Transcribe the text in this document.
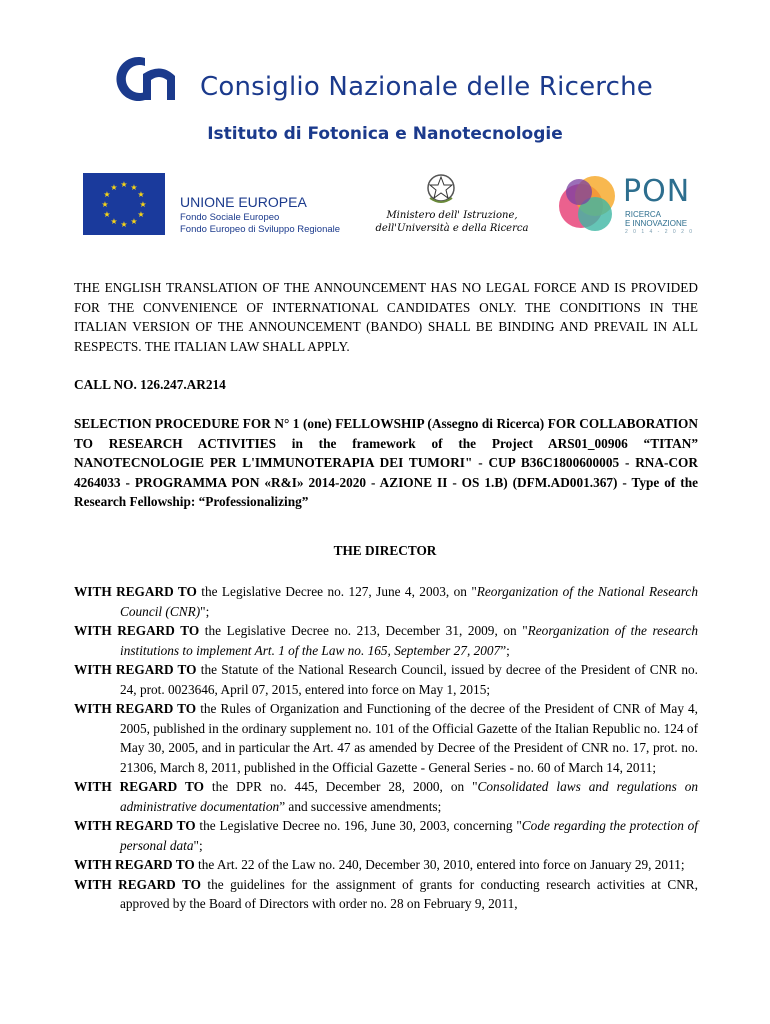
Consiglio Nazionale delle Ricerche
Istituto di Fotonica e Nanotecnologie
★ ★
★
★
★
★
★
★
★
★
★
★
UNIONE EUROPEA
Fondo Sociale Europeo
Fondo Europeo di Sviluppo Regionale
Ministero dell' Istruzione,
dell'Università e della Ricerca
PON
RICERCA
E INNOVAZIONE
2 0 1 4 - 2 0 2 0

THE ENGLISH TRANSLATION OF THE ANNOUNCEMENT HAS NO LEGAL FORCE AND IS PROVIDED FOR THE CONVENIENCE OF INTERNATIONAL CANDIDATES ONLY. THE CONDITIONS IN THE ITALIAN VERSION OF THE ANNOUNCEMENT (BANDO) SHALL BE BINDING AND PREVAIL IN ALL RESPECTS. THE ITALIAN LAW SHALL APPLY.

CALL NO. 126.247.AR214

SELECTION PROCEDURE FOR N° 1 (one) FELLOWSHIP (Assegno di Ricerca) FOR COLLABORATION TO RESEARCH ACTIVITIES in the framework of the Project ARS01_00906 “TITAN” NANOTECNOLOGIE PER L'IMMUNOTERAPIA DEI TUMORI" - CUP B36C1800600005 - RNA-COR 4264033 - PROGRAMMA PON «R&I» 2014-2020 - AZIONE II - OS 1.B) (DFM.AD001.367) - Type of the Research Fellowship: “Professionalizing”

THE DIRECTOR

WITH REGARD TO the Legislative Decree no. 127, June 4, 2003, on "Reorganization of the National Research Council (CNR)";

WITH REGARD TO the Legislative Decree no. 213, December 31, 2009, on "Reorganization of the research institutions to implement Art. 1 of the Law no. 165, September 27, 2007”;

WITH REGARD TO the Statute of the National Research Council, issued by decree of the President of CNR no. 24, prot. 0023646, April 07, 2015, entered into force on May 1, 2015;

WITH REGARD TO the Rules of Organization and Functioning of the decree of the President of CNR of May 4, 2005, published in the ordinary supplement no. 101 of the Official Gazette of the Italian Republic no. 124 of May 30, 2005, and in particular the Art. 47 as amended by Decree of the President of CNR no. 17, prot. no. 21306, March 8, 2011, published in the Official Gazette - General Series - no. 60 of March 14, 2011;

WITH REGARD TO the DPR no. 445, December 28, 2000, on "Consolidated laws and regulations on administrative documentation” and successive amendments;

WITH REGARD TO the Legislative Decree no. 196, June 30, 2003, concerning "Code regarding the protection of personal data";

WITH REGARD TO the Art. 22 of the Law no. 240, December 30, 2010, entered into force on January 29, 2011;

WITH REGARD TO the guidelines for the assignment of grants for conducting research activities at CNR, approved by the Board of Directors with order no. 28 on February 9, 2011,
